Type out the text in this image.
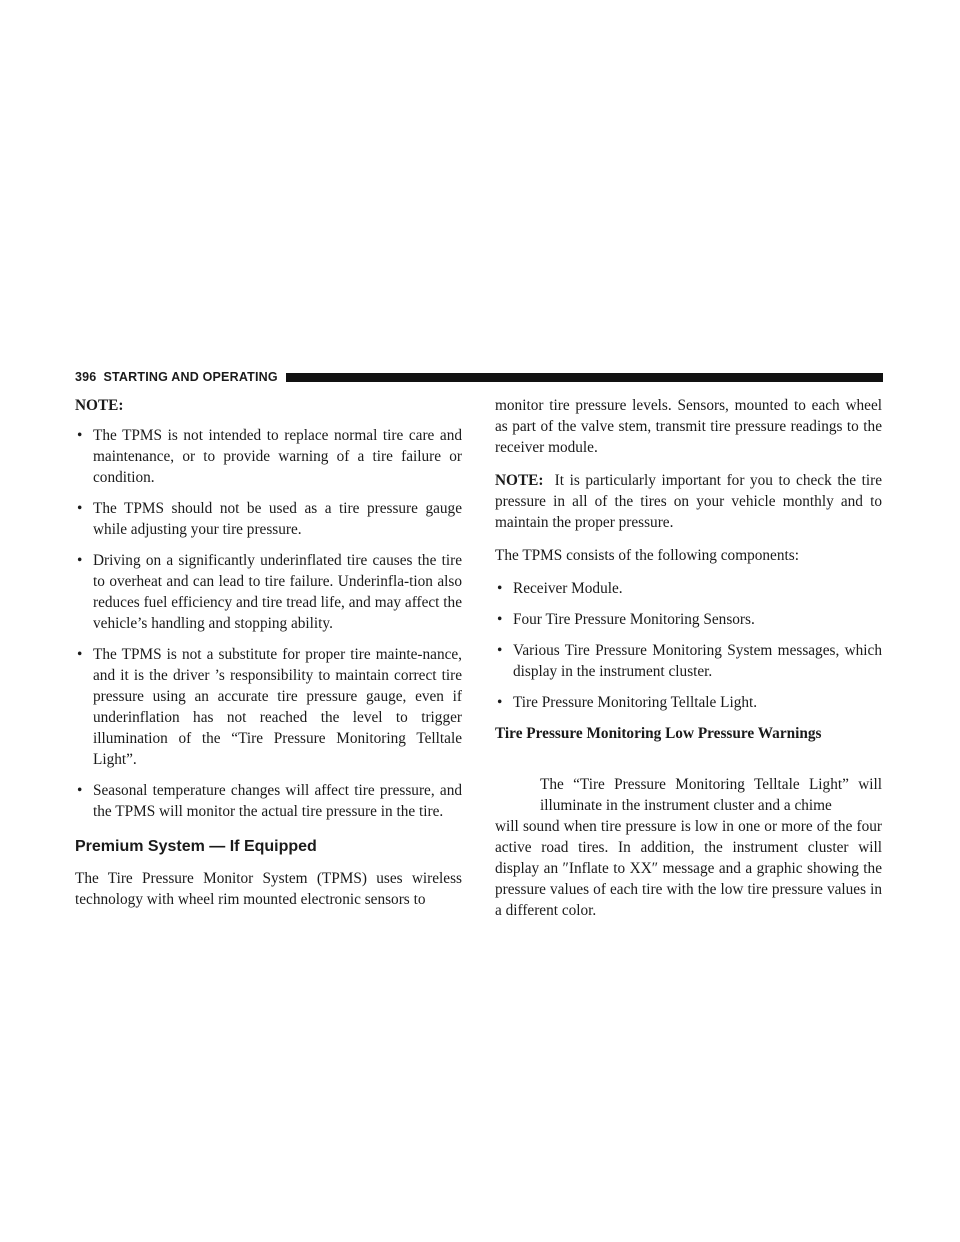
396 STARTING AND OPERATING

NOTE:

• The TPMS is not intended to replace normal tire care and maintenance, or to provide warning of a tire failure or condition.
• The TPMS should not be used as a tire pressure gauge while adjusting your tire pressure.
• Driving on a significantly underinflated tire causes the tire to overheat and can lead to tire failure. Underinfla-tion also reduces fuel efficiency and tire tread life, and may affect the vehicle’s handling and stopping ability.
• The TPMS is not a substitute for proper tire mainte-nance, and it is the driver ’s responsibility to maintain correct tire pressure using an accurate tire pressure gauge, even if underinflation has not reached the level to trigger illumination of the “Tire Pressure Monitoring Telltale Light”.
• Seasonal temperature changes will affect tire pressure, and the TPMS will monitor the actual tire pressure in the tire.
Premium System — If Equipped

The Tire Pressure Monitor System (TPMS) uses wireless technology with wheel rim mounted electronic sensors to

monitor tire pressure levels. Sensors, mounted to each wheel as part of the valve stem, transmit tire pressure readings to the receiver module.

NOTE: It is particularly important for you to check the tire pressure in all of the tires on your vehicle monthly and to maintain the proper pressure.

The TPMS consists of the following components:

• Receiver Module.
• Four Tire Pressure Monitoring Sensors.
• Various Tire Pressure Monitoring System messages, which display in the instrument cluster.
• Tire Pressure Monitoring Telltale Light.

Tire Pressure Monitoring Low Pressure Warnings

The “Tire Pressure Monitoring Telltale Light” will illuminate in the instrument cluster and a chime

will sound when tire pressure is low in one or more of the four active road tires. In addition, the instrument cluster will display an ″Inflate to XX″ message and a graphic showing the pressure values of each tire with the low tire pressure values in a different color.
